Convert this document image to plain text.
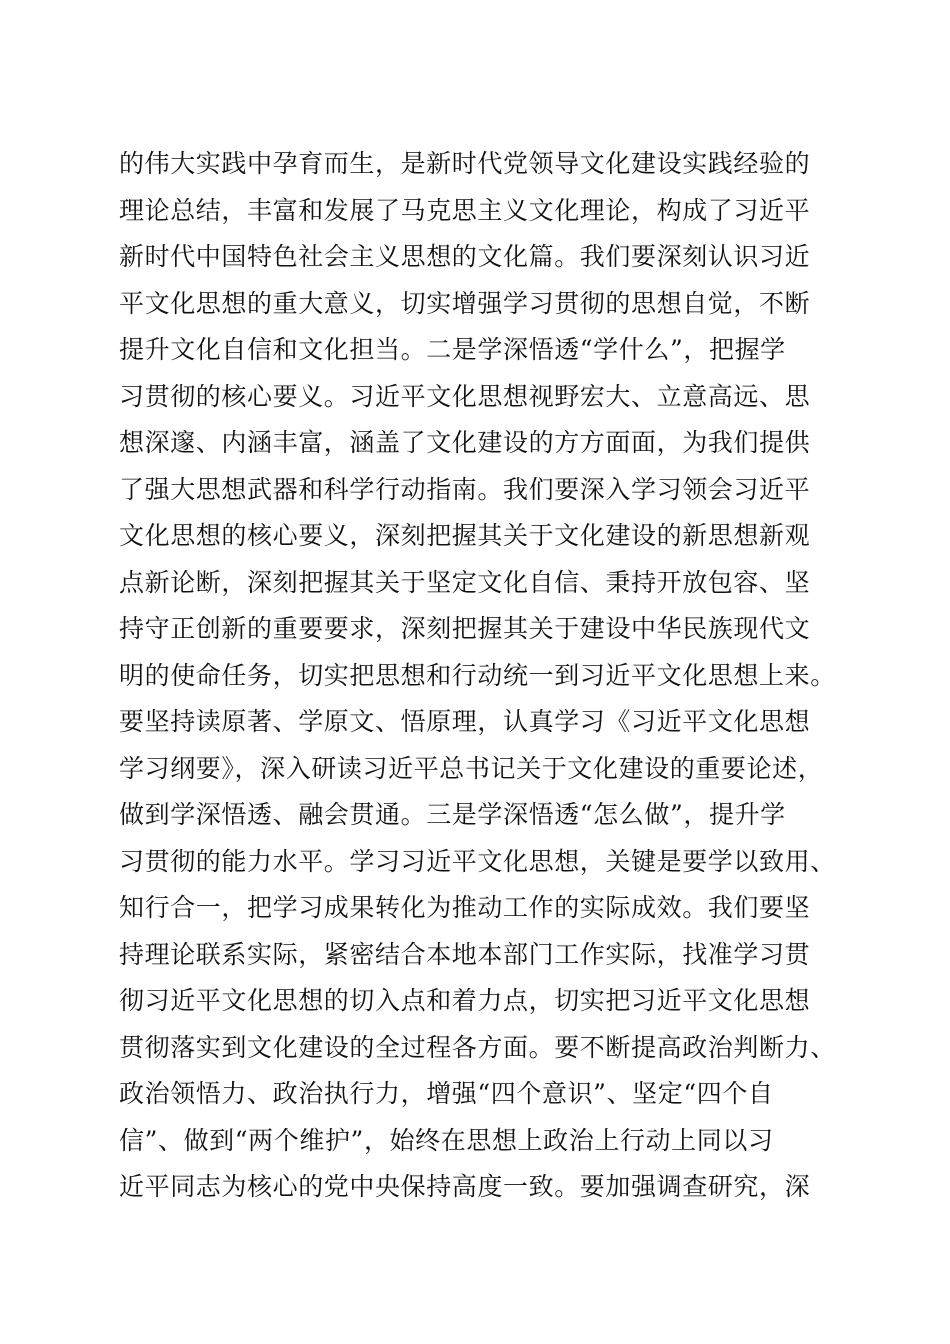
的伟大实践中孕育而生，是新时代党领导文化建设实践经验的
理论总结，丰富和发展了马克思主义文化理论，构成了习近平
新时代中国特色社会主义思想的文化篇。我们要深刻认识习近
平文化思想的重大意义，切实增强学习贯彻的思想自觉，不断
提升文化自信和文化担当。二是学深悟透“学什么”，把握学
习贯彻的核心要义。习近平文化思想视野宏大、立意高远、思
想深邃、内涵丰富，涵盖了文化建设的方方面面，为我们提供
了强大思想武器和科学行动指南。我们要深入学习领会习近平
文化思想的核心要义，深刻把握其关于文化建设的新思想新观
点新论断，深刻把握其关于坚定文化自信、秉持开放包容、坚
持守正创新的重要要求，深刻把握其关于建设中华民族现代文
明的使命任务，切实把思想和行动统一到习近平文化思想上来。
要坚持读原著、学原文、悟原理，认真学习《习近平文化思想
学习纲要》，深入研读习近平总书记关于文化建设的重要论述，
做到学深悟透、融会贯通。三是学深悟透“怎么做”，提升学
习贯彻的能力水平。学习习近平文化思想，关键是要学以致用、
知行合一，把学习成果转化为推动工作的实际成效。我们要坚
持理论联系实际，紧密结合本地本部门工作实际，找准学习贯
彻习近平文化思想的切入点和着力点，切实把习近平文化思想
贯彻落实到文化建设的全过程各方面。要不断提高政治判断力、
政治领悟力、政治执行力，增强“四个意识”、坚定“四个自
信”、做到“两个维护”，始终在思想上政治上行动上同以习
近平同志为核心的党中央保持高度一致。要加强调查研究，深
